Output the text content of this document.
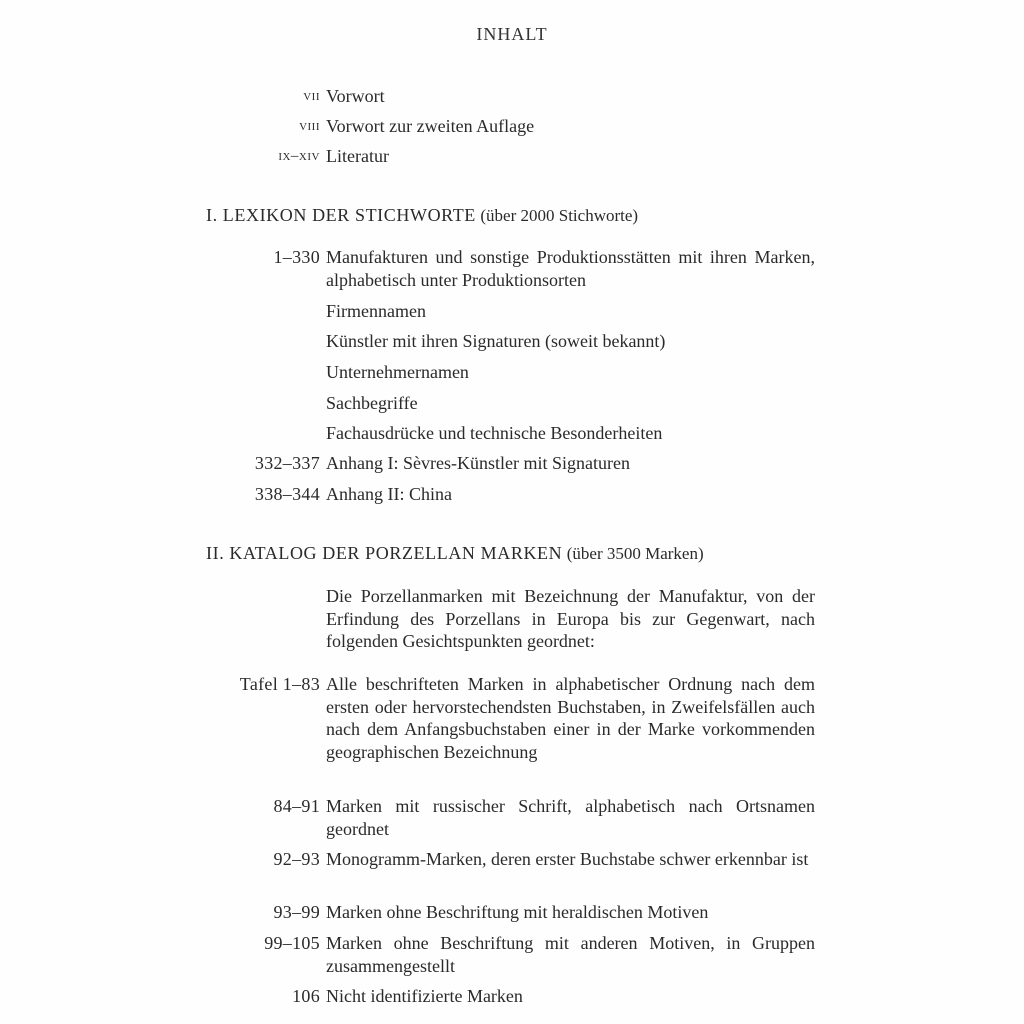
INHALT
vii Vorwort
viii Vorwort zur zweiten Auflage
ix–xiv Literatur
I. LEXIKON DER STICHWORTE (über 2000 Stichworte)
1–330 Manufakturen und sonstige Produktionsstätten mit ihren Marken, alphabetisch unter Produktionsorten
Firmennamen
Künstler mit ihren Signaturen (soweit bekannt)
Unternehmernamen
Sachbegriffe
Fachausdrücke und technische Besonderheiten
332–337 Anhang I: Sèvres-Künstler mit Signaturen
338–344 Anhang II: China
II. KATALOG DER PORZELLAN MARKEN (über 3500 Marken)
Die Porzellanmarken mit Bezeichnung der Manufaktur, von der Erfindung des Porzellans in Europa bis zur Gegenwart, nach folgenden Gesichtspunkten geordnet:
Tafel 1–83 Alle beschrifteten Marken in alphabetischer Ordnung nach dem ersten oder hervorstechendsten Buchstaben, in Zweifelsfällen auch nach dem Anfangsbuchstaben einer in der Marke vorkommenden geographischen Bezeichnung
84–91 Marken mit russischer Schrift, alphabetisch nach Ortsnamen geordnet
92–93 Monogramm-Marken, deren erster Buchstabe schwer erkennbar ist
93–99 Marken ohne Beschriftung mit heraldischen Motiven
99–105 Marken ohne Beschriftung mit anderen Motiven, in Gruppen zusammengestellt
106 Nicht identifizierte Marken
